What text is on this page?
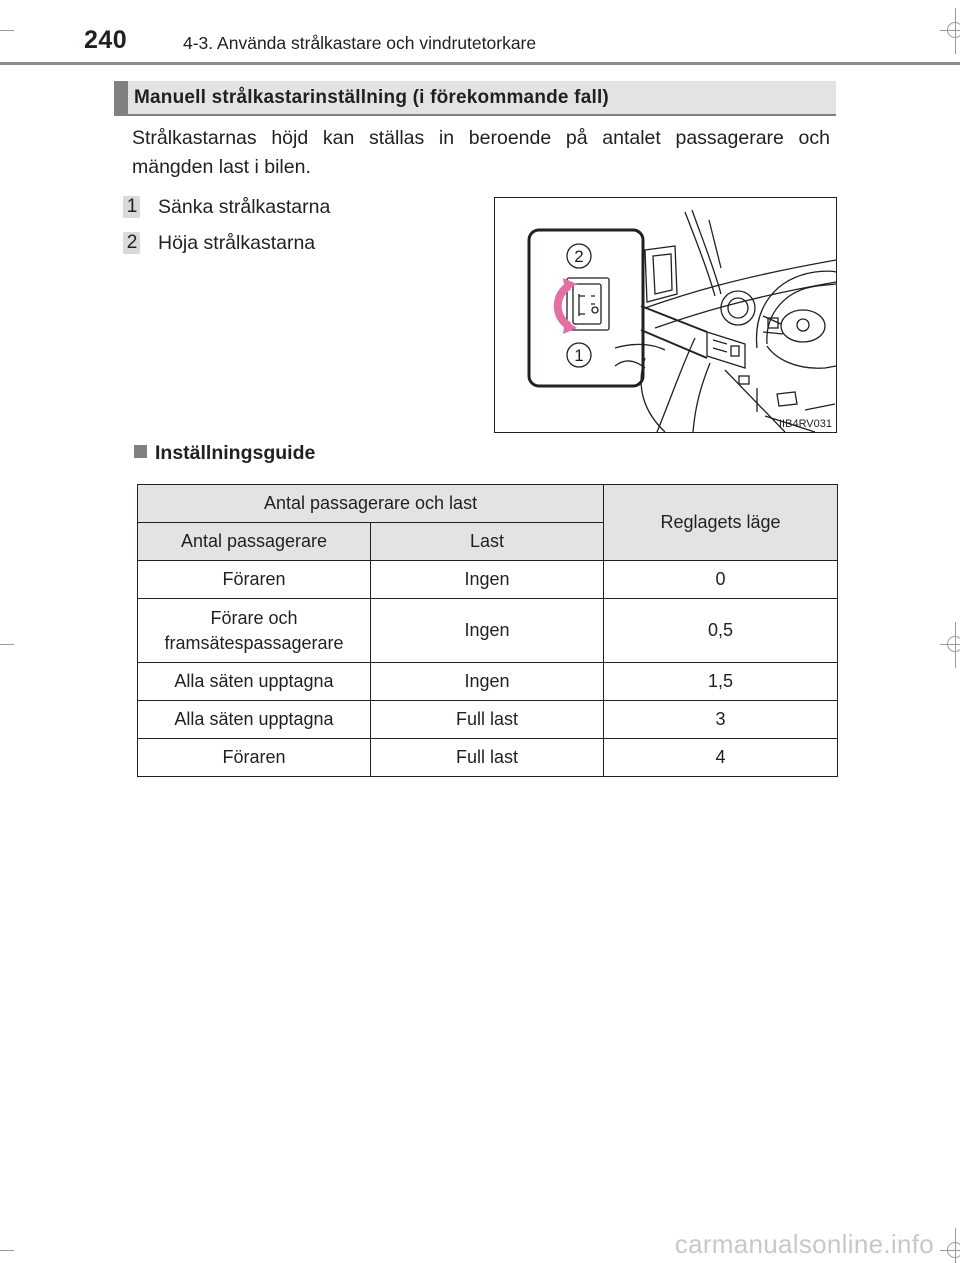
240	4-3. Använda strålkastare och vindrutetorkare
Manuell strålkastarinställning (i förekommande fall)
Strålkastarnas höjd kan ställas in beroende på antalet passagerare och mängden last i bilen.
1 Sänka strålkastarna
2 Höja strålkastarna
2
1
IIB4RV031
Inställningsguide
Antal passagerare och last		Reglagets läge
Antal passagerare	Last	
Föraren	Ingen	0
Förare och
framsätespassagerare	Ingen	0,5
Alla säten upptagna	Ingen	1,5
Alla säten upptagna	Full last	3
Föraren	Full last	4
carmanualsonline.info
